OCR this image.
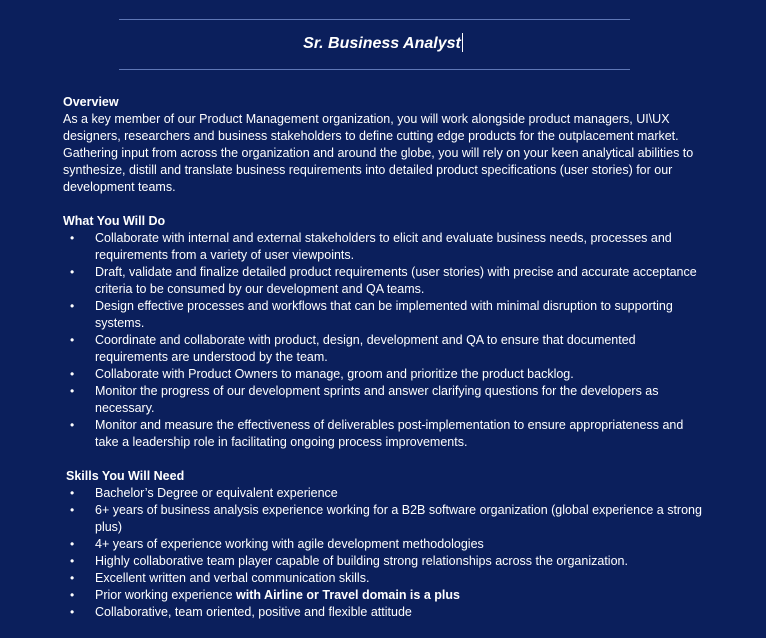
Sr. Business Analyst

Overview

As a key member of our Product Management organization, you will work alongside product managers, UI\UX designers, researchers and business stakeholders to define cutting edge products for the outplacement market. Gathering input from across the organization and around the globe, you will rely on your keen analytical abilities to synthesize, distill and translate business requirements into detailed product specifications (user stories) for our development teams.

What You Will Do

• Collaborate with internal and external stakeholders to elicit and evaluate business needs, processes and requirements from a variety of user viewpoints.
• Draft, validate and finalize detailed product requirements (user stories) with precise and accurate acceptance criteria to be consumed by our development and QA teams.
• Design effective processes and workflows that can be implemented with minimal disruption to supporting systems.
• Coordinate and collaborate with product, design, development and QA to ensure that documented requirements are understood by the team.
• Collaborate with Product Owners to manage, groom and prioritize the product backlog.
• Monitor the progress of our development sprints and answer clarifying questions for the developers as necessary.
• Monitor and measure the effectiveness of deliverables post-implementation to ensure appropriateness and take a leadership role in facilitating ongoing process improvements.

Skills You Will Need

• Bachelor’s Degree or equivalent experience
• 6+ years of business analysis experience working for a B2B software organization (global experience a strong plus)
• 4+ years of experience working with agile development methodologies
• Highly collaborative team player capable of building strong relationships across the organization.
• Excellent written and verbal communication skills.
• Prior working experience with Airline or Travel domain is a plus
• Collaborative, team oriented, positive and flexible attitude
